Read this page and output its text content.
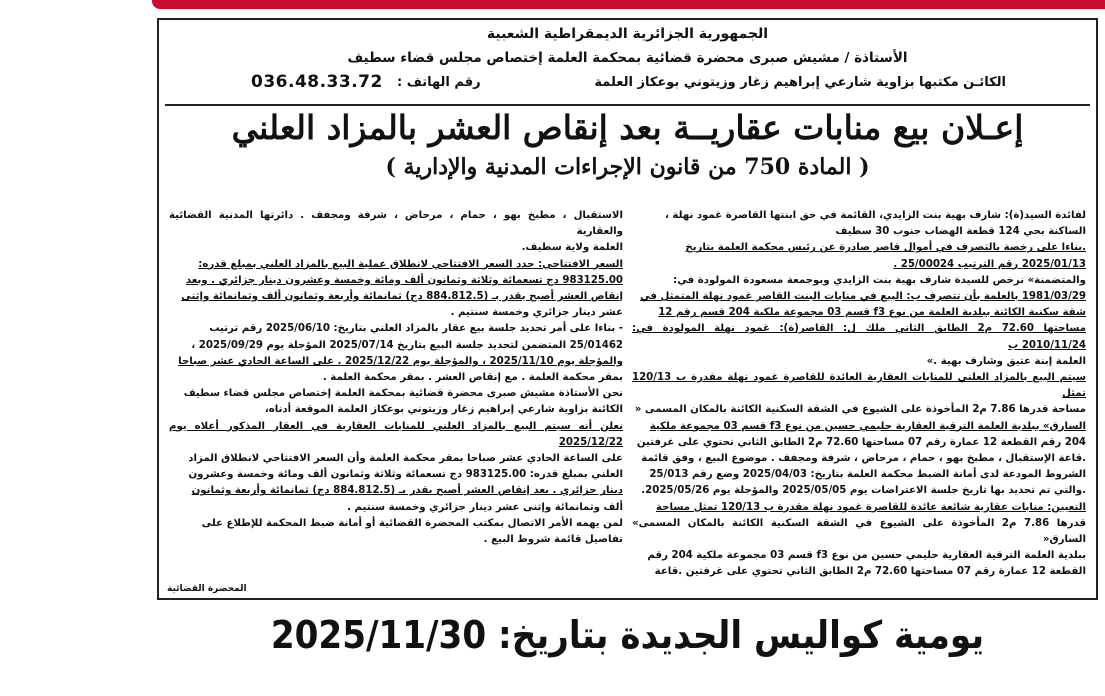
الجمهورية الجزائرية الديمقراطية الشعبية
الأستاذة / مشيش صبرى محضرة قضائية بمحكمة العلمة إختصاص مجلس قضاء سطيف
الكائـن مكتبها بزاوية شارعي إبراهيم زغار وزيتوني بوعكاز العلمة
رقم الهاتف :
036.48.33.72
إعـلان بيع منابات عقاريــة بعد إنقاص العشر بالمزاد العلني
( المادة 750 من قانون الإجراءات المدنية والإدارية )

لفائدة السيد(ة): شارف بهية بنت الزايدي، القائمة في حق ابنتها القاصرة غمود نهلة ،

الساكنة بحي 124 قطعة الهضاب جنوب 30 سطيف

.بناءا على رخصة بالتصرف في أموال قاصر صادرة عن رئيس محكمة العلمة بتاريخ

2025/01/13 رقم الترتيب 25/00024 .

والمتضمنة» نرخص للسيدة شارف بهية بنت الزايدي وبوجمعة مسعودة المولودة في:

1981/03/29 بالعلمة بأن تتصرف ب: البيع في منابات البنت القاصر غمود نهلة المتمثل في

شقة سكنية الكائنة ببلدية العلمة من نوع f3 قسم 03 مجموعة ملكية 204 قسم رقم 12

مساحتها 72.60 م2 الطابق الثاني ملك ل: القاصر(ة): غمود نهلة المولودة في: 2010/11/24 ب

العلمة إبنة عتيق وشارف بهية .»

سيتم البيع بالمزاد العلني للمنابات العقارية العائدة للقاصرة غمود نهلة مقدرة ب 120/13 تمثل

مساحة قدرها 7.86 م2 المأخوذة على الشيوع في الشقة السكنية الكائنة بالمكان المسمى «

السارق» ببلدية العلمة الترقية العقارية حليمي حسين من نوع f3 قسم 03 مجموعة ملكية

204 رقم القطعة 12 عمارة رقم 07 مساحتها 72.60 م2 الطابق الثاني تحتوي على غرفتين

.قاعة الإستقبال ، مطبخ بهو ، حمام ، مرحاض ، شرفة ومجفف . موضوع البيع ، وفق قائمة

الشروط المودعة لدى أمانة الضبط محكمة العلمة بتاريخ: 2025/04/03 وضع رقم 25/013

.والتي تم تحديد بها تاريخ جلسة الاعتراضات يوم 2025/05/05 والمؤجلة يوم 2025/05/26.

التعيين: منابات عقارية شائعة عائدة للقاصرة غمود نهلة مقدرة ب 120/13 تمثل مساحة

قدرها 7.86 م2 المأخوذة على الشيوع في الشقة السكنية الكائنة بالمكان المسمى» السارق«

ببلدية العلمة الترقية العقارية حليمي حسين من نوع f3 قسم 03 مجموعة ملكية 204 رقم

القطعة 12 عمارة رقم 07 مساحتها 72.60 م2 الطابق الثاني تحتوي على غرفتين .قاعة

الاستقبال ، مطبخ بهو ، حمام ، مرحاض ، شرفة ومجفف . دائرتها المدنية القضائية والعقارية

العلمة ولاية سطيف.

السعر الافتتاحي: حدد السعر الافتتاحي لانطلاق عملية البيع بالمزاد العلني بمبلغ قدره:

983125.00 دج تسعمائة وثلاثة وثمانون ألف ومائة وخمسة وعشرون دينار جزائري . وبعد

إنقاص العشر أصبح يقدر بـ (884.812.5 دج) ثمانمائة وأربعة وثمانون ألف وثمانمائة وإثنى

عشر دينار جزائري وخمسة سنتيم .

- بناءا على أمر تحديد جلسة بيع عقار بالمزاد العلني بتاريخ: 2025/06/10 رقم ترتيب

25/01462 المتضمن لتحديد جلسة البيع بتاريخ 2025/07/14 المؤجلة يوم 2025/09/29 ،

والمؤجلة يوم 2025/11/10 ، والمؤجلة يوم 2025/12/22 . على الساعة الحادي عشر صباحا

بمقر محكمة العلمة . مع إنقاص العشر . بمقر محكمة العلمة .

نحن الأستاذة مشيش صبرى محضرة قضائية بمحكمة العلمة إختصاص مجلس قضاء سطيف

الكائنة بزاوية شارعي إبراهيم زغار وزيتوني بوعكاز العلمة الموقعة أدناه،

نعلن أنه سيتم البيع بالمزاد العلني للمنابات العقارية في العقار المذكور أعلاه يوم 2025/12/22

على الساعة الحادي عشر صباحا بمقر محكمة العلمة وأن السعر الافتتاحي لانطلاق المزاد

العلني بمبلغ قدره: 983125.00 دج تسعمائة وثلاثة وثمانون ألف ومائة وخمسة وعشرون

دينار جزائري . بعد إنقاص العشر أصبح يقدر بـ (884.812.5 دج) ثمانمائة وأربعة وثمانون

ألف وثمانمائة وإثنى عشر دينار جزائري وخمسة سنتيم .

لمن يهمه الأمر الاتصال بمكتب المحضرة القضائية أو أمانة ضبط المحكمة للإطلاع على

تفاصيل قائمة شروط البيع .

المحضرة القضائية
يومية كواليس الجديدة بتاريخ: 2025/11/30
